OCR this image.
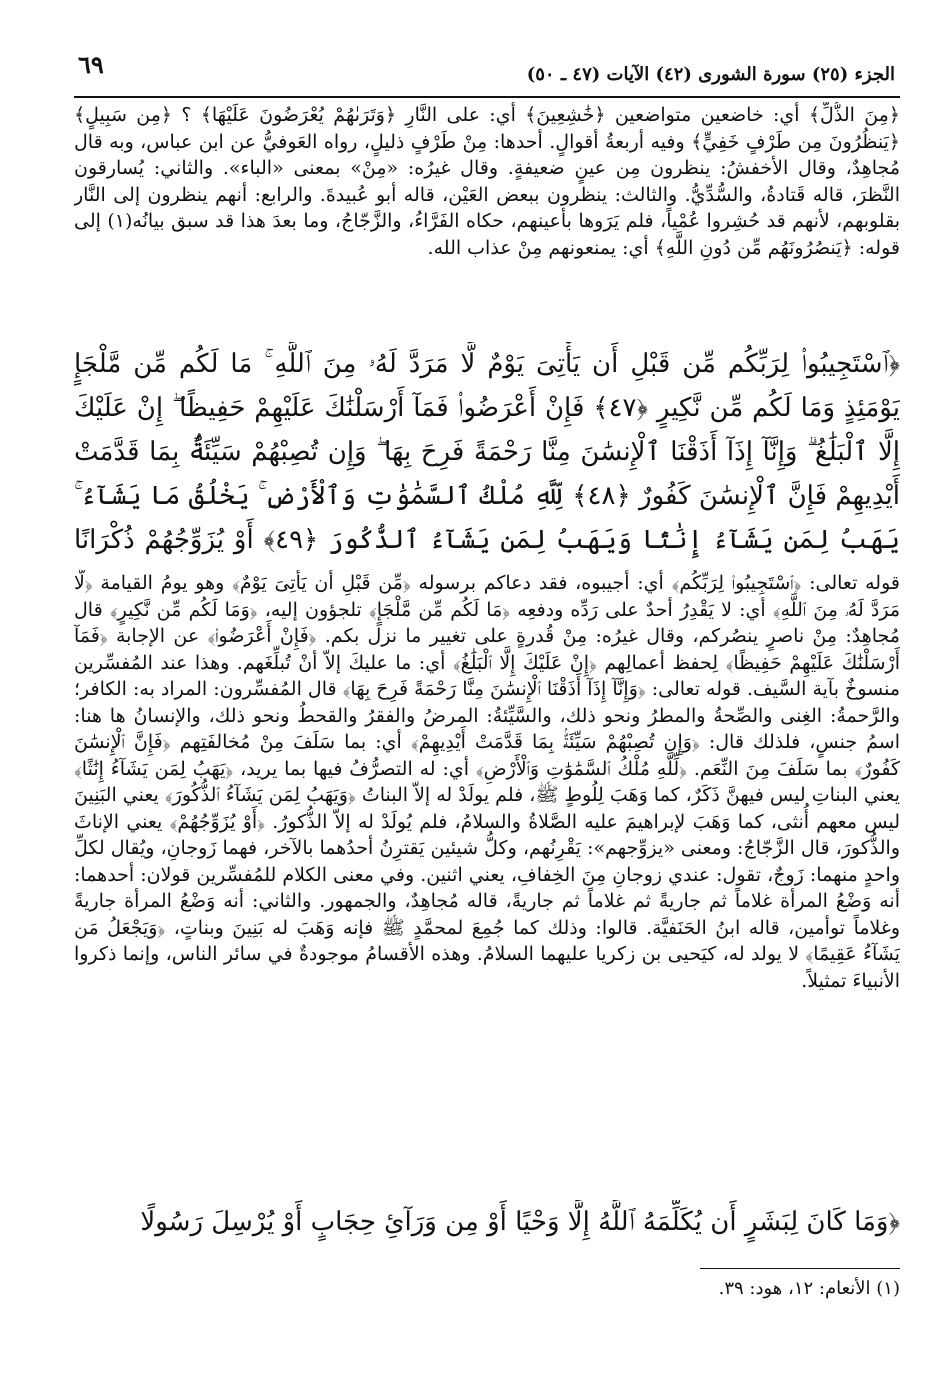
٦٩	الجزء (٢٥) سورة الشورى (٤٢) الآيات (٤٧ ـ ٥٠)
﴿مِنَ الذُّلِّ﴾ أي: خاضعين متواضعين ﴿خَٰشِعِينَ﴾ أي: على النَّارِ ﴿وَتَرَىٰهُمْ يُعْرَضُونَ عَلَيْهَا﴾ ؟ ﴿مِن سَبِيلٍ﴾ ﴿يَنظُرُونَ مِن طَرْفٍ خَفِيٍّ﴾ وفيه أربعةُ أقوالٍ. أحدها: مِنْ طَرْفٍ ذليلٍ، رواه العَوفيُّ عن ابن عباس، وبه قال مُجاهِدٌ، وقال الأخفشُ: ينظرون مِن عينٍ ضعيفةٍ. وقال غيرُه: «مِنْ» بمعنى «الباء». والثاني: يُسارقون النَّظرَ، قاله قَتادةُ، والسُّدِّيُّ. والثالث: ينظرون ببعض العَيْن، قاله أبو عُبيدةَ. والرابع: أنهم ينظرون إلى النَّار بقلوبهم، لأنهم قد حُشِروا عُمْياً، فلم يَرَوها بأعينهم، حكاه الفَرَّاءُ، والزَّجّاجُ، وما بعدَ هذا قد سبق بيانُه(١) إلى قوله: ﴿يَنصُرُونَهُم مِّن دُونِ اللَّهِ﴾ أي: يمنعونهم مِنْ عذاب الله.
﴿ٱسْتَجِيبُوا۟ لِرَبِّكُم مِّن قَبْلِ أَن يَأْتِىَ يَوْمٌ لَّا مَرَدَّ لَهُۥ مِنَ ٱللَّهِ ۚ مَا لَكُم مِّن مَّلْجَإٍ يَوْمَئِذٍ وَمَا لَكُم مِّن نَّكِيرٍ ﴿٤٧﴾ فَإِنْ أَعْرَضُوا۟ فَمَآ أَرْسَلْنَٰكَ عَلَيْهِمْ حَفِيظًا ۖ إِنْ عَلَيْكَ إِلَّا ٱلْبَلَٰغُ ۗ وَإِنَّآ إِذَآ أَذَقْنَا ٱلْإِنسَٰنَ مِنَّا رَحْمَةً فَرِحَ بِهَا ۖ وَإِن تُصِبْهُمْ سَيِّئَةٌۢ بِمَا قَدَّمَتْ أَيْدِيهِمْ فَإِنَّ ٱلْإِنسَٰنَ كَفُورٌ ﴿٤٨﴾ لِّلَّهِ مُلْكُ ٱلسَّمَٰوَٰتِ وَٱلْأَرْضِ ۚ يَخْلُقُ مَا يَشَآءُ ۚ يَهَبُ لِمَن يَشَآءُ إِنَٰثًا وَيَهَبُ لِمَن يَشَآءُ ٱلذُّكُورَ ﴿٤٩﴾ أَوْ يُزَوِّجُهُمْ ذُكْرَانًا
قوله تعالى: ﴿ٱسْتَجِيبُوا۟ لِرَبِّكُم﴾ أي: أجيبوه، فقد دعاكم برسوله ﴿مِّن قَبْلِ أَن يَأْتِىَ يَوْمٌ﴾ وهو يومُ القيامة ﴿لَّا مَرَدَّ لَهُۥ مِنَ ٱللَّهِ﴾ أي: لا يَقْدِرُ أحدٌ على رَدِّه ودفعِه ﴿مَا لَكُم مِّن مَّلْجَإٍ﴾ تلجؤون إليه، ﴿وَمَا لَكُم مِّن نَّكِيرٍ﴾ قال مُجاهِدٌ: مِنْ ناصرٍ ينصُركم، وقال غيرُه: مِنْ قُدرةٍ على تغيير ما نزل بكم. ﴿فَإِنْ أَعْرَضُوا۟﴾ عن الإجابة ﴿فَمَآ أَرْسَلْنَٰكَ عَلَيْهِمْ حَفِيظًا﴾ لِحفظ أعمالِهم ﴿إِنْ عَلَيْكَ إِلَّا ٱلْبَلَٰغُ﴾ أي: ما عليكَ إلاّ أنْ تُبلِّغَهم. وهذا عند المُفسِّرين منسوخٌ بآية السَّيف. قوله تعالى: ﴿وَإِنَّآ إِذَآ أَذَقْنَا ٱلْإِنسَٰنَ مِنَّا رَحْمَةً فَرِحَ بِهَا﴾ قال المُفسِّرون: المراد به: الكافر؛ والرَّحمةُ: الغِنى والصِّحةُ والمطرُ ونحو ذلك، والسَّيِّئةُ: المرضُ والفقرُ والقحطُ ونحو ذلك، والإنسانُ ها هنا: اسمُ جنسٍ، فلذلك قال: ﴿وَإِن تُصِبْهُمْ سَيِّئَةٌۢ بِمَا قَدَّمَتْ أَيْدِيهِمْ﴾ أي: بما سَلَفَ مِنْ مُخالفَتِهم ﴿فَإِنَّ ٱلْإِنسَٰنَ كَفُورٌ﴾ بما سَلَفَ مِنَ النِّعَم. ﴿لِّلَّهِ مُلْكُ ٱلسَّمَٰوَٰتِ وَٱلْأَرْضِ﴾ أي: له التصرُّفُ فيها بما يريد، ﴿يَهَبُ لِمَن يَشَآءُ إِنَٰثًا﴾ يعني البناتِ ليس فيهنَّ ذَكَرٌ، كما وَهَبَ لِلُوطٍ ﷺ، فلم يولَدْ له إلاّ البناتُ ﴿وَيَهَبُ لِمَن يَشَآءُ ٱلذُّكُورَ﴾ يعني البَنِينَ ليس معهم أُنثى، كما وَهَبَ لإبراهيمَ عليه الصَّلاةُ والسلامُ، فلم يُولَدْ له إلاّ الذُّكورُ. ﴿أَوْ يُزَوِّجُهُمْ﴾ يعني الإناثَ والذُّكورَ، قال الزَّجّاجُ: ومعنى «يزوِّجهم»: يَقْرِنُهم، وكلُّ شيئين يَقترِنُ أحدُهما بالآخر، فهما زَوجانِ، ويُقال لكلِّ واحدٍ منهما: زَوجٌ، تقول: عندي زوجانِ مِنَ الخِفافِ، يعني اثنين. وفي معنى الكلام للمُفسِّرين قولان: أحدهما: أنه وَضْعُ المرأة غلاماً ثم جاريةً ثم غلاماً ثم جاريةً، قاله مُجاهِدٌ، والجمهور. والثاني: أنه وَضْعُ المرأة جاريةً وغلاماً توأمين، قاله ابنُ الحَنَفيَّة. قالوا: وذلك كما جُمِعَ لمحمَّدٍ ﷺ فإنه وَهَبَ له بَنِينَ وبناتٍ، ﴿وَيَجْعَلُ مَن يَشَآءُ عَقِيمًا﴾ لا يولد له، كيَحيى بن زكريا عليهما السلامُ. وهذه الأقسامُ موجودةٌ في سائر الناس، وإنما ذكروا الأنبياءَ تمثيلاً.
﴿وَمَا كَانَ لِبَشَرٍ أَن يُكَلِّمَهُ ٱللَّهُ إِلَّا وَحْيًا أَوْ مِن وَرَآئِ حِجَابٍ أَوْ يُرْسِلَ رَسُولًا
(١) الأنعام: ١٢، هود: ٣٩.
